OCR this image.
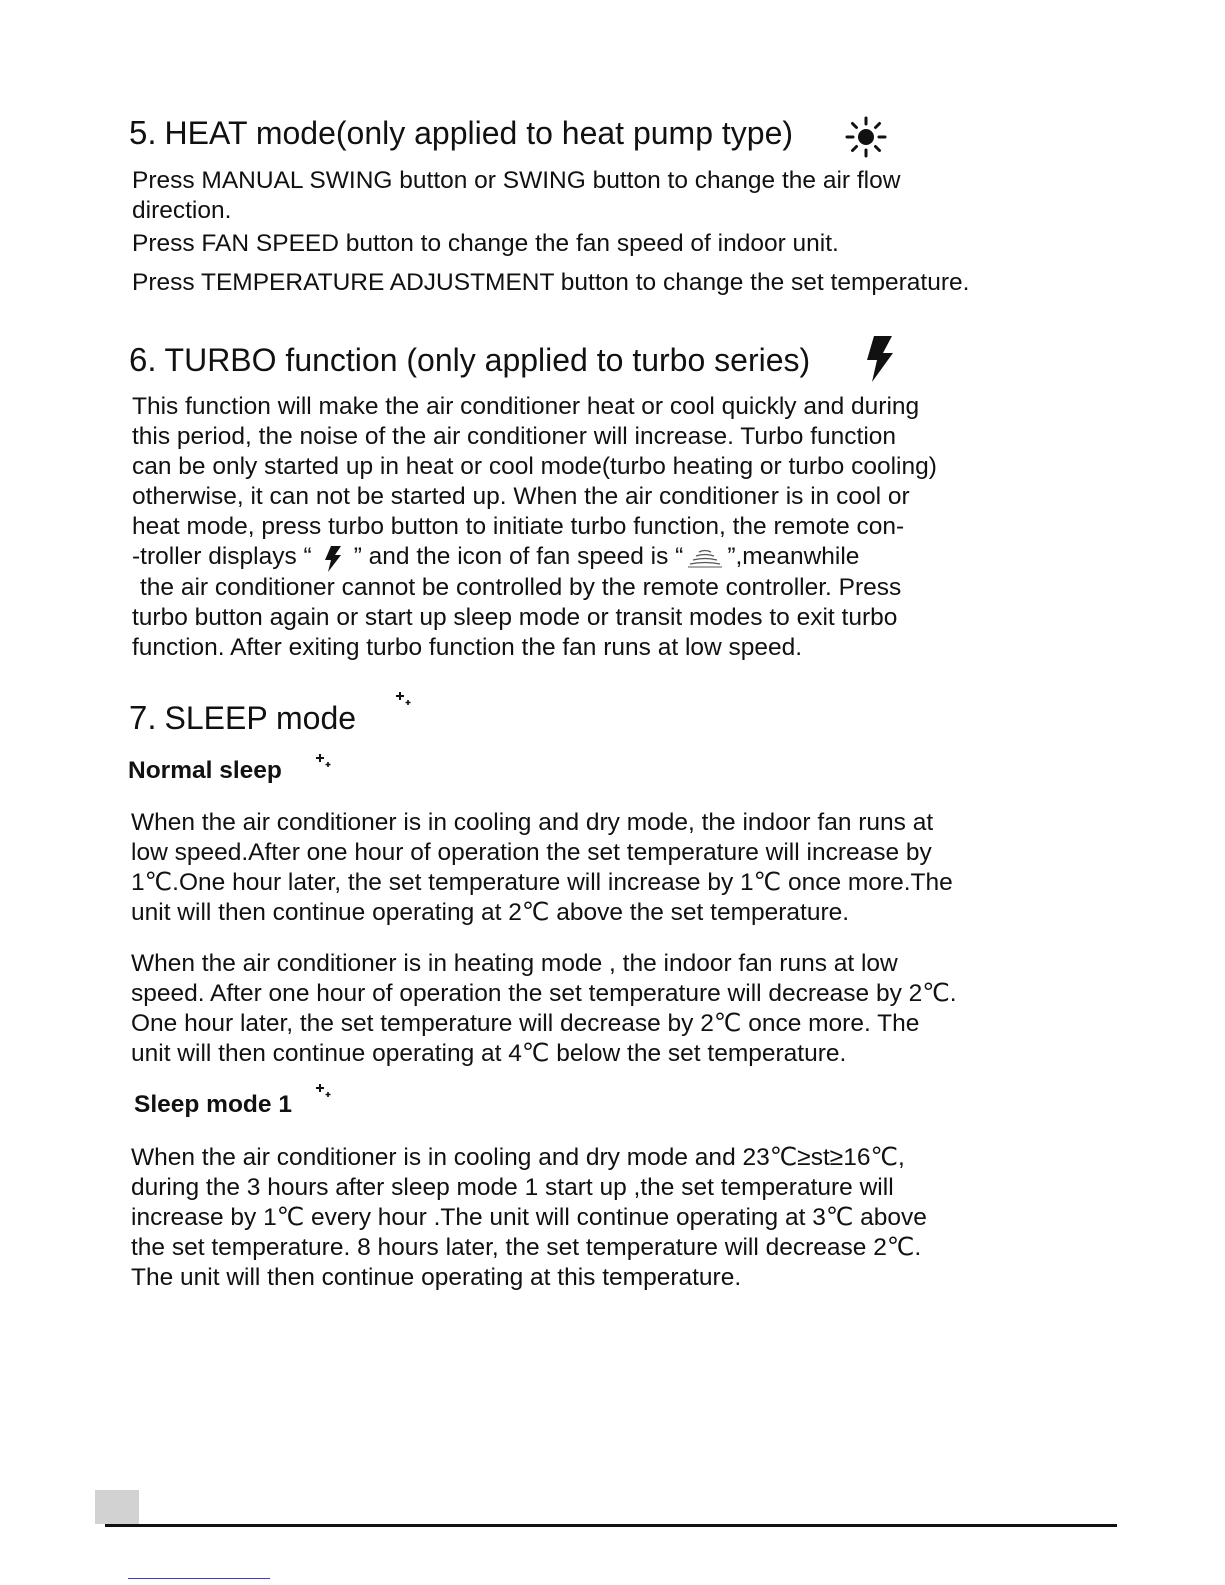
5. HEAT mode(only applied to heat pump type)
Press MANUAL SWING button or SWING button to change the air flow
direction.
Press FAN SPEED button to change the fan speed of indoor unit.
Press TEMPERATURE ADJUSTMENT button to change the set temperature.
6. TURBO function (only applied to turbo series)
This function will make the air conditioner heat or cool quickly and during
this period, the noise of the air conditioner will increase. Turbo function
can be only started up in heat or cool mode(turbo heating or turbo cooling)
otherwise, it can not be started up. When the air conditioner is in cool or
heat mode, press turbo button to initiate turbo function, the remote con-
-troller displays “ ” and the icon of fan speed is “ ”,meanwhile
the air conditioner cannot be controlled by the remote controller. Press
turbo button again or start up sleep mode or transit modes to exit turbo
function. After exiting turbo function the fan runs at low speed.
7. SLEEP mode
Normal sleep
When the air conditioner is in cooling and dry mode, the indoor fan runs at
low speed.After one hour of operation the set temperature will increase by
1℃.One hour later, the set temperature will increase by 1℃ once more.The
unit will then continue operating at 2℃ above the set temperature.
When the air conditioner is in heating mode , the indoor fan runs at low
speed. After one hour of operation the set temperature will decrease by 2℃.
One hour later, the set temperature will decrease by 2℃ once more. The
unit will then continue operating at 4℃ below the set temperature.
Sleep mode 1
When the air conditioner is in cooling and dry mode and 23℃≥st≥16℃,
during the 3 hours after sleep mode 1 start up ,the set temperature will
increase by 1℃ every hour .The unit will continue operating at 3℃ above
the set temperature. 8 hours later, the set temperature will decrease 2℃.
The unit will then continue operating at this temperature.
